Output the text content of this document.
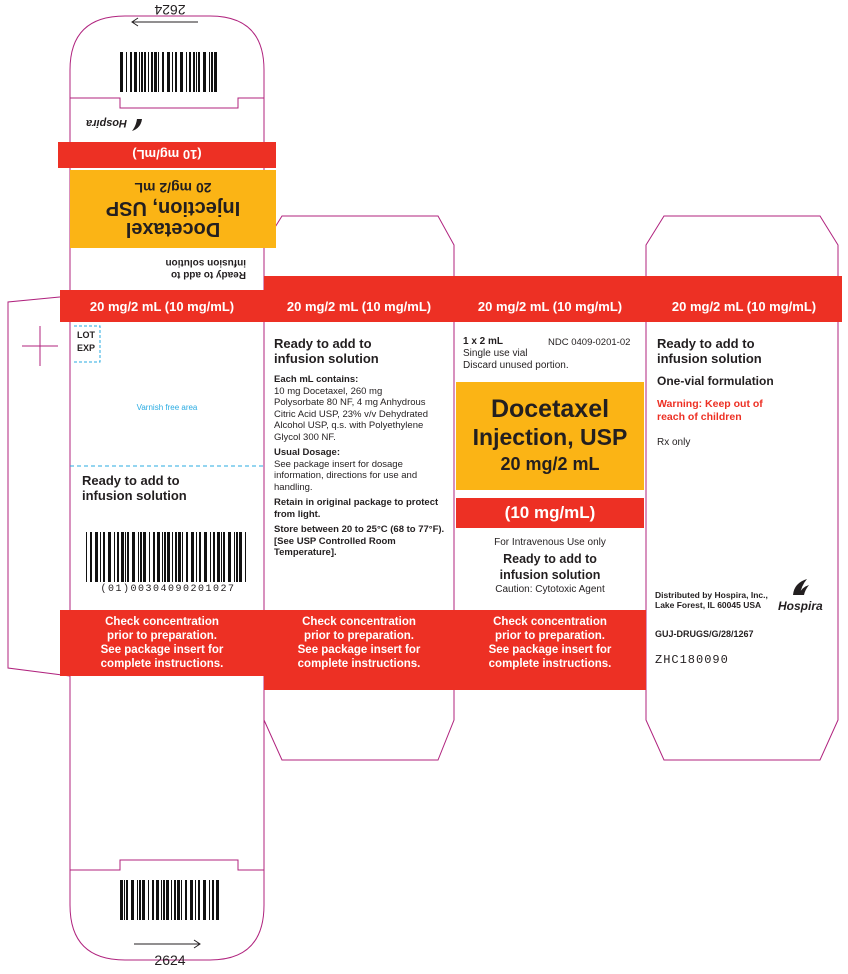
2624
2624
Ready to add to
infusion solution
Docetaxel
Injection, USP
20 mg/2 mL
(10 mg/mL)
Hospira
20 mg/2 mL (10 mg/mL)	20 mg/2 mL (10 mg/mL)	20 mg/2 mL (10 mg/mL)	20 mg/2 mL (10 mg/mL)
LOT
EXP
Varnish free area
Ready to add to
infusion solution
(01)00304090201027
Ready to add to
infusion solution
Each mL contains:
10 mg Docetaxel, 260 mg
Polysorbate 80 NF, 4 mg Anhydrous
Citric Acid USP, 23% v/v Dehydrated
Alcohol USP, q.s. with Polyethylene
Glycol 300 NF.
Usual Dosage:
See package insert for dosage
information, directions for use and
handling.
Retain in original package to protect
from light.
Store between 20 to 25°C (68 to 77°F).
[See USP Controlled Room
Temperature].
1 x 2 mL
Single use vial
Discard unused portion.
NDC 0409-0201-02
Docetaxel
Injection, USP
20 mg/2 mL
(10 mg/mL)
For Intravenous Use only
Ready to add to
infusion solution
Caution: Cytotoxic Agent
Ready to add to
infusion solution
One-vial formulation
Warning: Keep out of
reach of children
Rx only
Distributed by Hospira, Inc.,
Lake Forest, IL 60045 USA	Hospira
GUJ-DRUGS/G/28/1267
ZHC180090
Check concentration
prior to preparation.
See package insert for
complete instructions.
Check concentration
prior to preparation.
See package insert for
complete instructions.
Check concentration
prior to preparation.
See package insert for
complete instructions.
